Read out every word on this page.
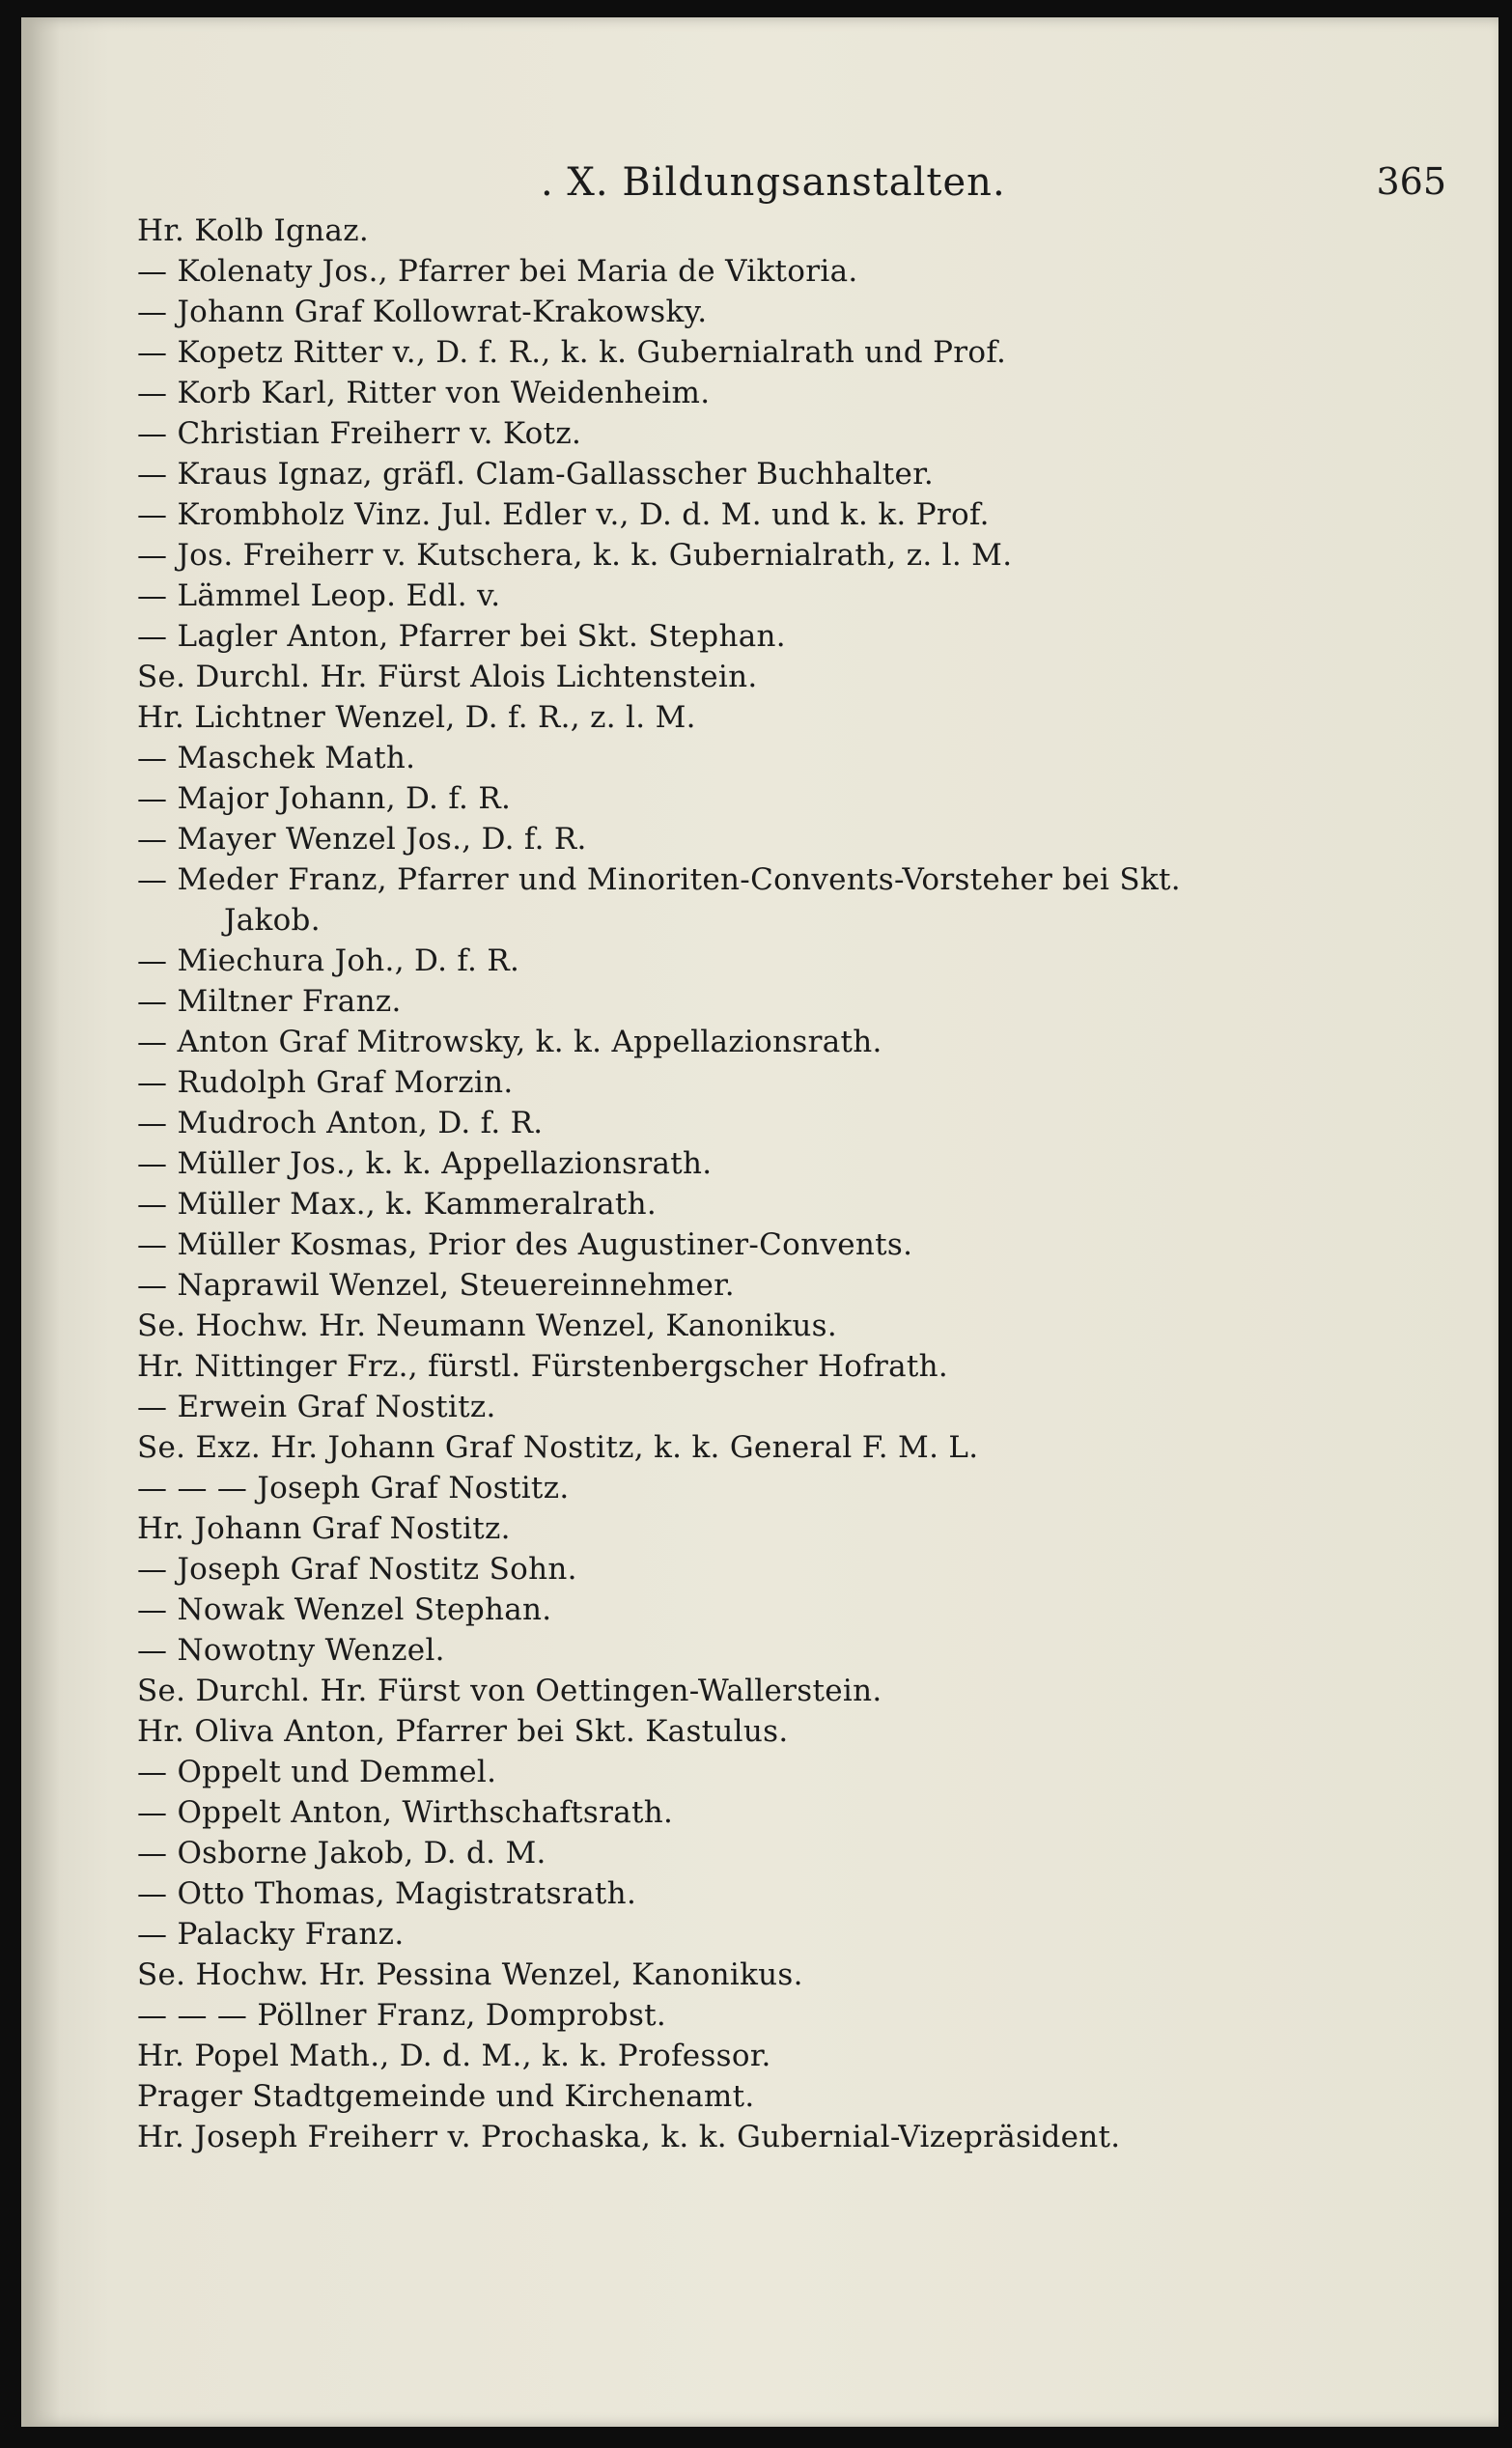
. X. Bildungsanstalten.	365
Hr. Kolb Ignaz.
— Kolenaty Jos., Pfarrer bei Maria de Viktoria.
— Johann Graf Kollowrat-Krakowsky.
— Kopetz Ritter v., D. f. R., k. k. Gubernialrath und Prof.
— Korb Karl, Ritter von Weidenheim.
— Christian Freiherr v. Kotz.
— Kraus Ignaz, gräfl. Clam-Gallasscher Buchhalter.
— Krombholz Vinz. Jul. Edler v., D. d. M. und k. k. Prof.
— Jos. Freiherr v. Kutschera, k. k. Gubernialrath, z. l. M.
— Lämmel Leop. Edl. v.
— Lagler Anton, Pfarrer bei Skt. Stephan.
Se. Durchl. Hr. Fürst Alois Lichtenstein.
Hr. Lichtner Wenzel, D. f. R., z. l. M.
— Maschek Math.
— Major Johann, D. f. R.
— Mayer Wenzel Jos., D. f. R.
— Meder Franz, Pfarrer und Minoriten-Convents-Vorsteher bei Skt.
Jakob.
— Miechura Joh., D. f. R.
— Miltner Franz.
— Anton Graf Mitrowsky, k. k. Appellazionsrath.
— Rudolph Graf Morzin.
— Mudroch Anton, D. f. R.
— Müller Jos., k. k. Appellazionsrath.
— Müller Max., k. Kammeralrath.
— Müller Kosmas, Prior des Augustiner-Convents.
— Naprawil Wenzel, Steuereinnehmer.
Se. Hochw. Hr. Neumann Wenzel, Kanonikus.
Hr. Nittinger Frz., fürstl. Fürstenbergscher Hofrath.
— Erwein Graf Nostitz.
Se. Exz. Hr. Johann Graf Nostitz, k. k. General F. M. L.
— — — Joseph Graf Nostitz.
Hr. Johann Graf Nostitz.
— Joseph Graf Nostitz Sohn.
— Nowak Wenzel Stephan.
— Nowotny Wenzel.
Se. Durchl. Hr. Fürst von Oettingen-Wallerstein.
Hr. Oliva Anton, Pfarrer bei Skt. Kastulus.
— Oppelt und Demmel.
— Oppelt Anton, Wirthschaftsrath.
— Osborne Jakob, D. d. M.
— Otto Thomas, Magistratsrath.
— Palacky Franz.
Se. Hochw. Hr. Pessina Wenzel, Kanonikus.
— — — Pöllner Franz, Domprobst.
Hr. Popel Math., D. d. M., k. k. Professor.
Prager Stadtgemeinde und Kirchenamt.
Hr. Joseph Freiherr v. Prochaska, k. k. Gubernial-Vizepräsident.
